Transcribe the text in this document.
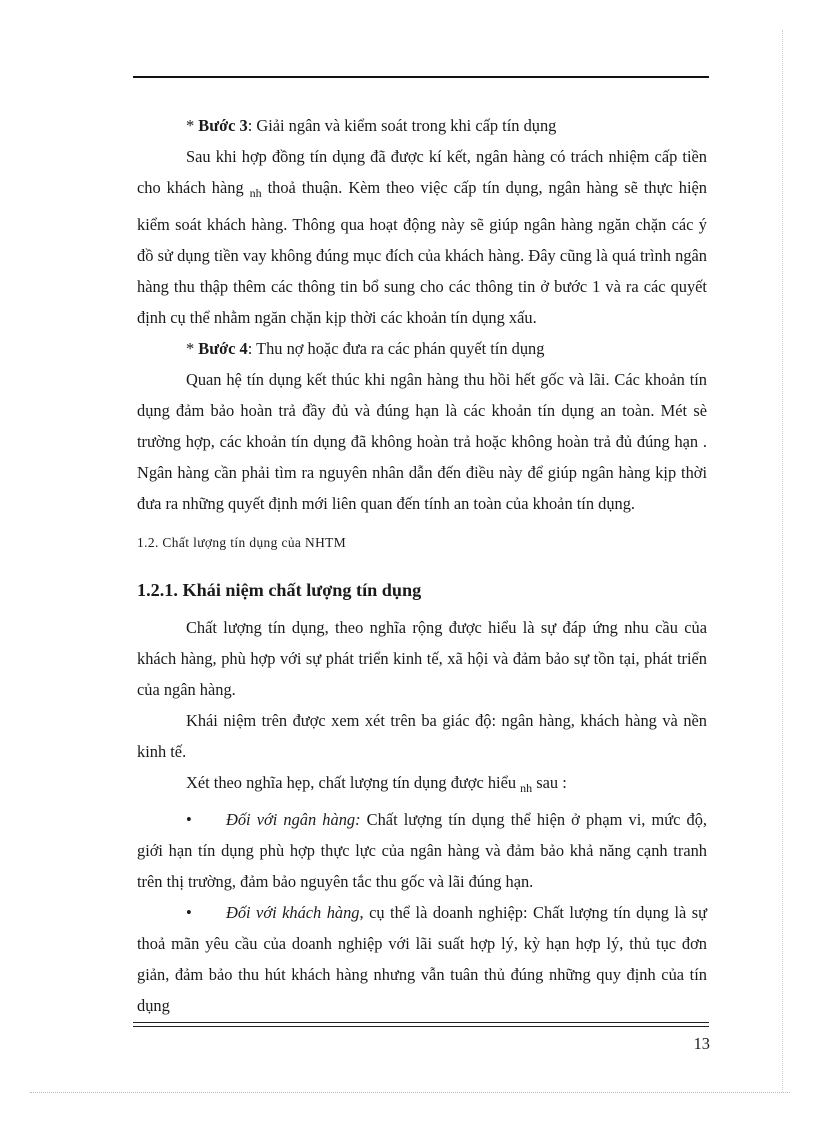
* Bước 3: Giải ngân và kiểm soát trong khi cấp tín dụng

Sau khi hợp đồng tín dụng đã được kí kết, ngân hàng có trách nhiệm cấp tiền cho khách hàng $_{nh}$ thoả thuận. Kèm theo việc cấp tín dụng, ngân hàng sẽ thực hiện kiểm soát khách hàng. Thông qua hoạt động này sẽ giúp ngân hàng ngăn chặn các ý đồ sử dụng tiền vay không đúng mục đích của khách hàng. Đây cũng là quá trình ngân hàng thu thập thêm các thông tin bổ sung cho các thông tin ở bước 1 và ra các quyết định cụ thể nhằm ngăn chặn kịp thời các khoản tín dụng xấu.

* Bước 4: Thu nợ hoặc đưa ra các phán quyết tín dụng

Quan hệ tín dụng kết thúc khi ngân hàng thu hồi hết gốc và lãi. Các khoản tín dụng đảm bảo hoàn trả đầy đủ và đúng hạn là các khoản tín dụng an toàn. Mét sè trường hợp, các khoản tín dụng đã không hoàn trả hoặc không hoàn trả đủ đúng hạn . Ngân hàng cần phải tìm ra nguyên nhân dẫn đến điều này để giúp ngân hàng kịp thời đưa ra những quyết định mới liên quan đến tính an toàn của khoản tín dụng.

1.2. Chất lượng tín dụng của NHTM

1.2.1. Khái niệm chất lượng tín dụng

Chất lượng tín dụng, theo nghĩa rộng được hiểu là sự đáp ứng nhu cầu của khách hàng, phù hợp với sự phát triển kinh tế, xã hội và đảm bảo sự tồn tại, phát triển của ngân hàng.

Khái niệm trên được xem xét trên ba giác độ: ngân hàng, khách hàng và nền kinh tế.

Xét theo nghĩa hẹp, chất lượng tín dụng được hiểu $_{nh}$ sau :

• Đối với ngân hàng: Chất lượng tín dụng thể hiện ở phạm vi, mức độ, giới hạn tín dụng phù hợp thực lực của ngân hàng và đảm bảo khả năng cạnh tranh trên thị trường, đảm bảo nguyên tắc thu gốc và lãi đúng hạn.

• Đối với khách hàng, cụ thể là doanh nghiệp: Chất lượng tín dụng là sự thoả mãn yêu cầu của doanh nghiệp với lãi suất hợp lý, kỳ hạn hợp lý, thủ tục đơn giản, đảm bảo thu hút khách hàng nhưng vẫn tuân thủ đúng những quy định của tín dụng

13
